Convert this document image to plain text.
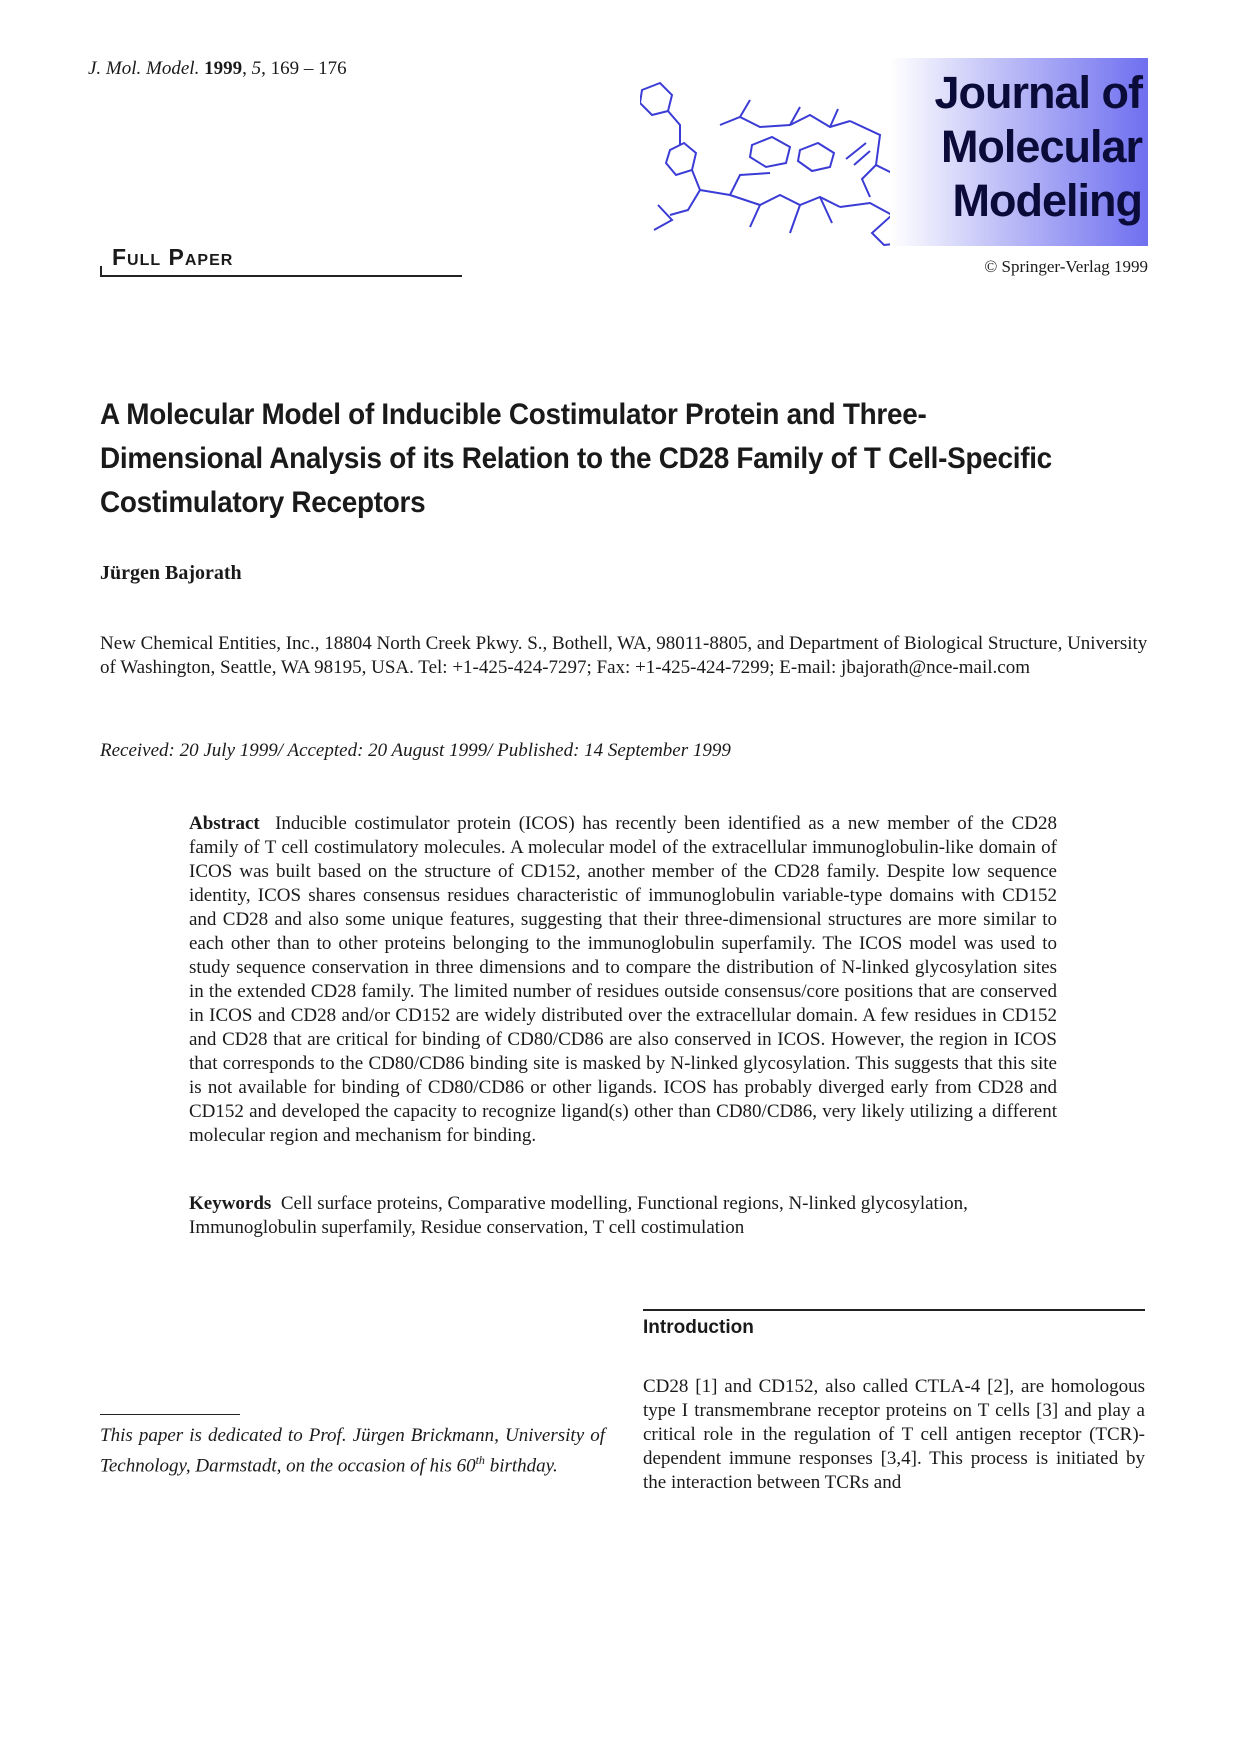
J. Mol. Model. 1999, 5, 169 – 176	Journal of
Molecular
Modeling
© Springer-Verlag 1999
Full Paper
A Molecular Model of Inducible Costimulator Protein and Three-Dimensional Analysis of its Relation to the CD28 Family of T Cell-Specific Costimulatory Receptors
Jürgen Bajorath
New Chemical Entities, Inc., 18804 North Creek Pkwy. S., Bothell, WA, 98011-8805, and Department of Biological Structure, University of Washington, Seattle, WA 98195, USA. Tel: +1-425-424-7297; Fax: +1-425-424-7299; E-mail: jbajorath@nce-mail.com
Received: 20 July 1999/ Accepted: 20 August 1999/ Published: 14 September 1999
Abstract Inducible costimulator protein (ICOS) has recently been identified as a new member of the CD28 family of T cell costimulatory molecules. A molecular model of the extracellular immunoglobulin-like domain of ICOS was built based on the structure of CD152, another member of the CD28 family. Despite low sequence identity, ICOS shares consensus residues characteristic of immunoglobulin variable-type domains with CD152 and CD28 and also some unique features, suggesting that their three-dimensional structures are more similar to each other than to other proteins belonging to the immunoglobulin superfamily. The ICOS model was used to study sequence conservation in three dimensions and to compare the distribution of N-linked glycosylation sites in the extended CD28 family. The limited number of residues outside consensus/core positions that are conserved in ICOS and CD28 and/or CD152 are widely distributed over the extracellular domain. A few residues in CD152 and CD28 that are critical for binding of CD80/CD86 are also conserved in ICOS. However, the region in ICOS that corresponds to the CD80/CD86 binding site is masked by N-linked glycosylation. This suggests that this site is not available for binding of CD80/CD86 or other ligands. ICOS has probably diverged early from CD28 and CD152 and developed the capacity to recognize ligand(s) other than CD80/CD86, very likely utilizing a different molecular region and mechanism for binding.
Keywords Cell surface proteins, Comparative modelling, Functional regions, N-linked glycosylation, Immunoglobulin superfamily, Residue conservation, T cell costimulation
Introduction
CD28 [1] and CD152, also called CTLA-4 [2], are homologous type I transmembrane receptor proteins on T cells [3] and play a critical role in the regulation of T cell antigen receptor (TCR)-dependent immune responses [3,4]. This process is initiated by the interaction between TCRs and
This paper is dedicated to Prof. Jürgen Brickmann, University of Technology, Darmstadt, on the occasion of his 60th birthday.
